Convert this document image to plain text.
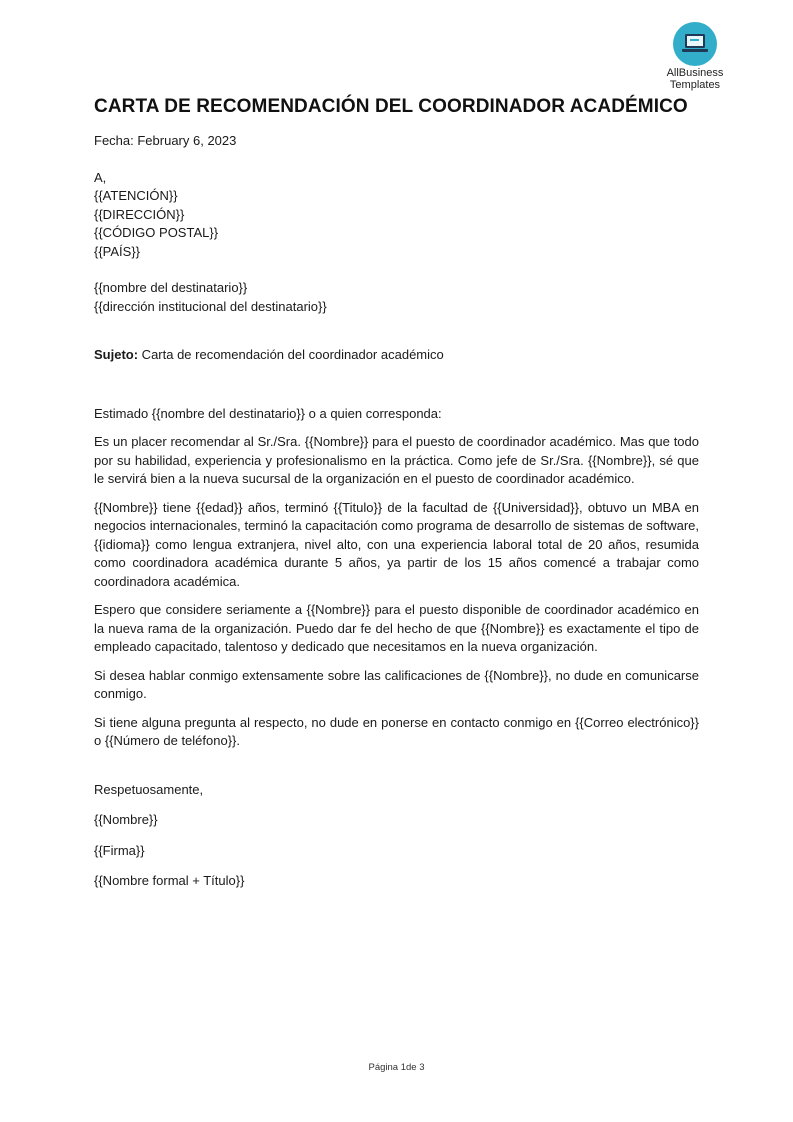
AllBusiness
Templates
CARTA DE RECOMENDACIÓN DEL COORDINADOR ACADÉMICO
Fecha: February 6, 2023
A,
{{ATENCIÓN}}
{{DIRECCIÓN}}
{{CÓDIGO POSTAL}}
{{PAÍS}}
{{nombre del destinatario}}
{{dirección institucional del destinatario}}
Sujeto: Carta de recomendación del coordinador académico
Estimado {{nombre del destinatario}} o a quien corresponda:
Es un placer recomendar al Sr./Sra. {{Nombre}} para el puesto de coordinador académico. Mas que todo por su habilidad, experiencia y profesionalismo en la práctica. Como jefe de Sr./Sra. {{Nombre}}, sé que le servirá bien a la nueva sucursal de la organización en el puesto de coordinador académico.
{{Nombre}} tiene {{edad}} años, terminó {{Titulo}} de la facultad de {{Universidad}}, obtuvo un MBA en negocios internacionales, terminó la capacitación como programa de desarrollo de sistemas de software, {{idioma}} como lengua extranjera, nivel alto, con una experiencia laboral total de 20 años, resumida como coordinadora académica durante 5 años, ya partir de los 15 años comencé a trabajar como coordinadora académica.
Espero que considere seriamente a {{Nombre}} para el puesto disponible de coordinador académico en la nueva rama de la organización. Puedo dar fe del hecho de que {{Nombre}} es exactamente el tipo de empleado capacitado, talentoso y dedicado que necesitamos en la nueva organización.
Si desea hablar conmigo extensamente sobre las calificaciones de {{Nombre}}, no dude en comunicarse conmigo.
Si tiene alguna pregunta al respecto, no dude en ponerse en contacto conmigo en {{Correo electrónico}} o {{Número de teléfono}}.
Respetuosamente,
{{Nombre}}
{{Firma}}
{{Nombre formal + Título}}
Página 1de 3
